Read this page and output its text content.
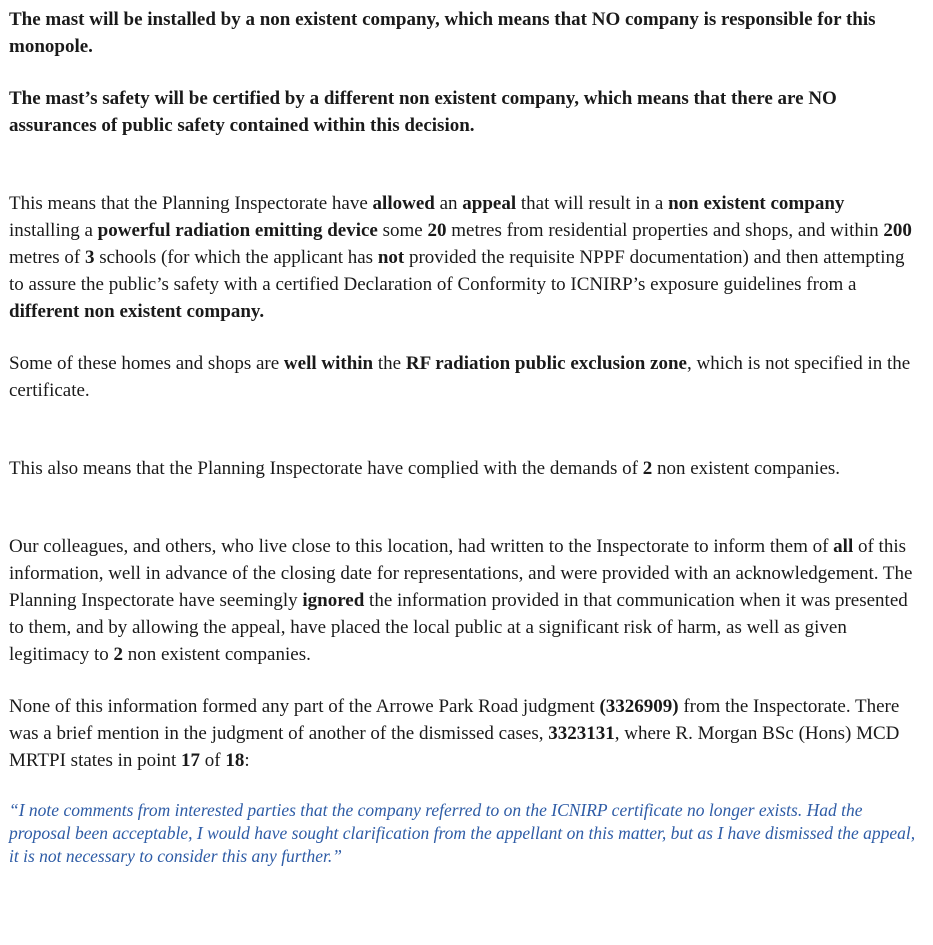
The mast will be installed by a non existent company, which means that NO company is responsible for this monopole.

The mast’s safety will be certified by a different non existent company, which means that there are NO assurances of public safety contained within this decision.

This means that the Planning Inspectorate have allowed an appeal that will result in a non existent company installing a powerful radiation emitting device some 20 metres from residential properties and shops, and within 200 metres of 3 schools (for which the applicant has not provided the requisite NPPF documentation) and then attempting to assure the public’s safety with a certified Declaration of Conformity to ICNIRP’s exposure guidelines from a different non existent company.

Some of these homes and shops are well within the RF radiation public exclusion zone, which is not specified in the certificate.

This also means that the Planning Inspectorate have complied with the demands of 2 non existent companies.

Our colleagues, and others, who live close to this location, had written to the Inspectorate to inform them of all of this information, well in advance of the closing date for representations, and were provided with an acknowledgement. The Planning Inspectorate have seemingly ignored the information provided in that communication when it was presented to them, and by allowing the appeal, have placed the local public at a significant risk of harm, as well as given legitimacy to 2 non existent companies.

None of this information formed any part of the Arrowe Park Road judgment (3326909) from the Inspectorate. There was a brief mention in the judgment of another of the dismissed cases, 3323131, where R. Morgan BSc (Hons) MCD MRTPI states in point 17 of 18:

“I note comments from interested parties that the company referred to on the ICNIRP certificate no longer exists. Had the proposal been acceptable, I would have sought clarification from the appellant on this matter, but as I have dismissed the appeal, it is not necessary to consider this any further.”
